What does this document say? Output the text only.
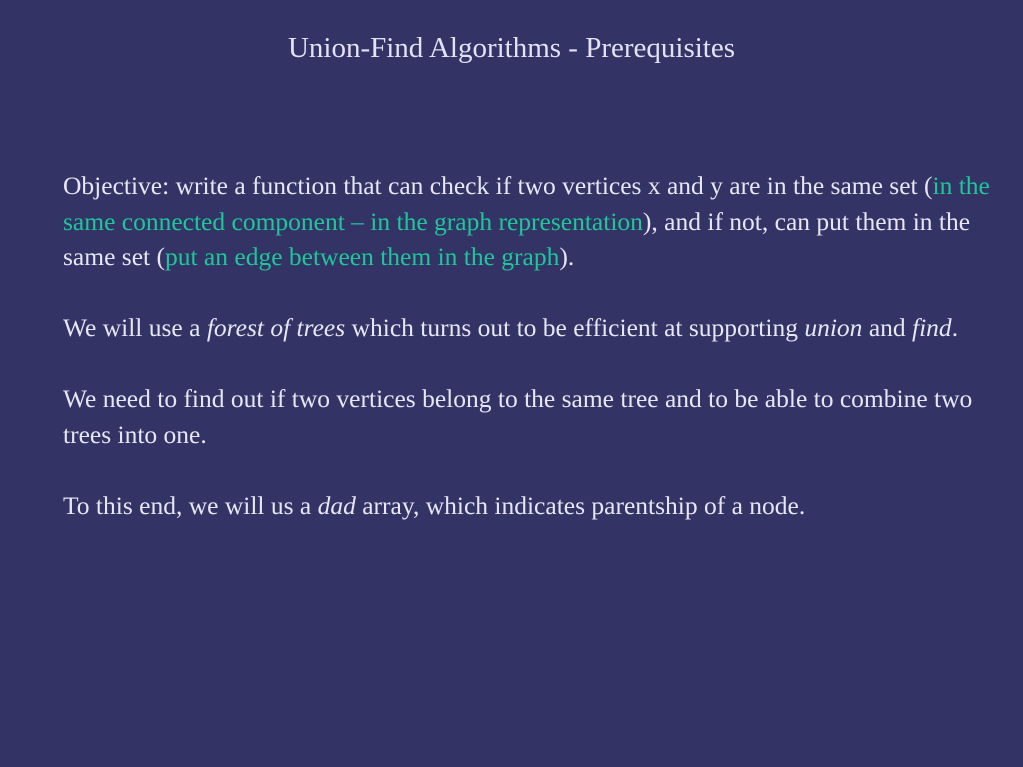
Union-Find Algorithms - Prerequisites

Objective: write a function that can check if two vertices x and y are in the same set (in the same connected component – in the graph representation), and if not, can put them in the same set (put an edge between them in the graph).

We will use a forest of trees which turns out to be efficient at supporting union and find.

We need to find out if two vertices belong to the same tree and to be able to combine two trees into one.

To this end, we will us a dad array, which indicates parentship of a node.
